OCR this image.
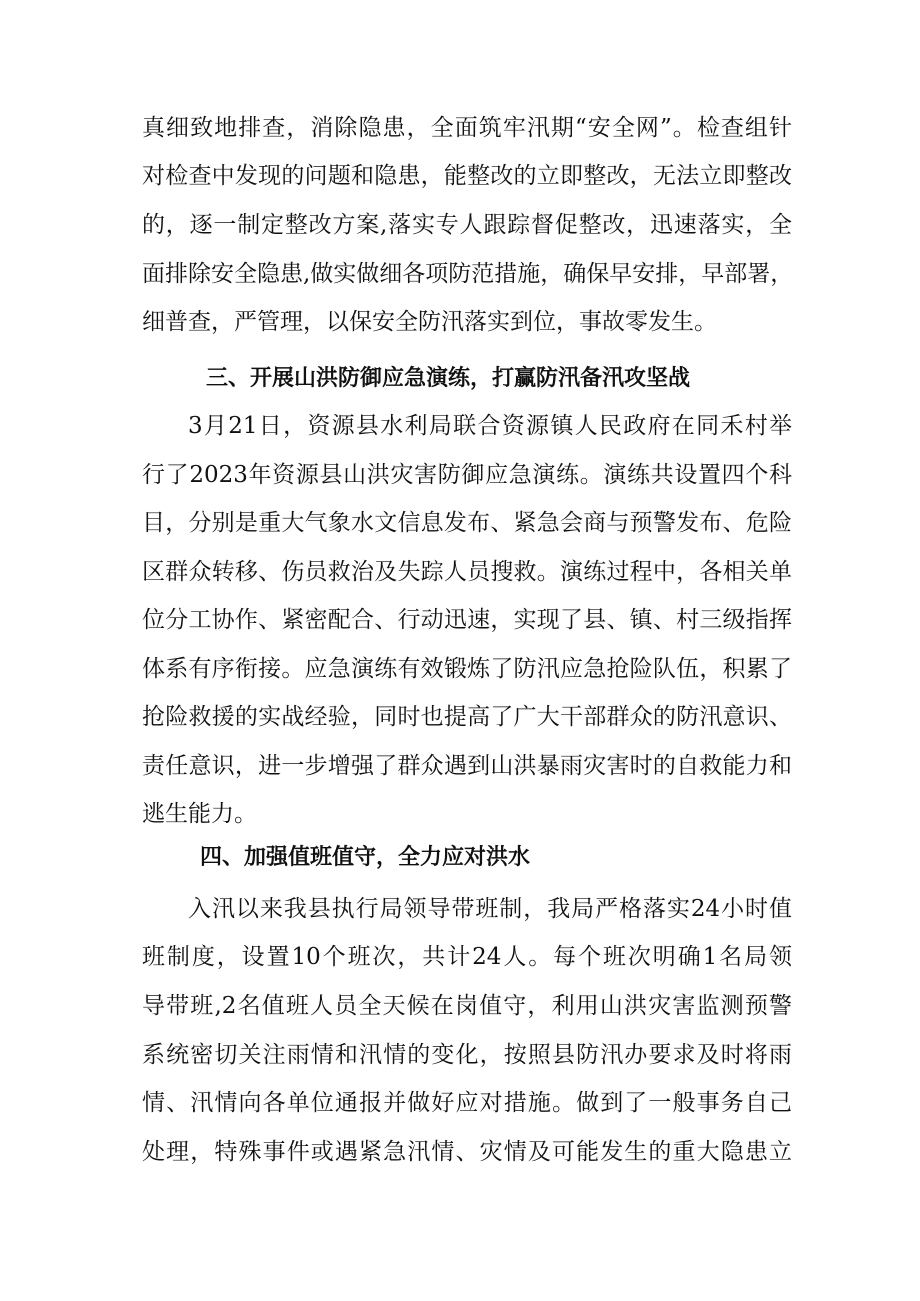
真细致地排查，消除隐患，全面筑牢汛期“安全网”。检查组针
对检查中发现的问题和隐患，能整改的立即整改，无法立即整改
的，逐一制定整改方案,落实专人跟踪督促整改，迅速落实，全
面排除安全隐患,做实做细各项防范措施，确保早安排，早部署，
细普查，严管理，以保安全防汛落实到位，事故零发生。
三、开展山洪防御应急演练，打赢防汛备汛攻坚战
3月21日，资源县水利局联合资源镇人民政府在同禾村举
行了2023年资源县山洪灾害防御应急演练。演练共设置四个科
目，分别是重大气象水文信息发布、紧急会商与预警发布、危险
区群众转移、伤员救治及失踪人员搜救。演练过程中，各相关单
位分工协作、紧密配合、行动迅速，实现了县、镇、村三级指挥
体系有序衔接。应急演练有效锻炼了防汛应急抢险队伍，积累了
抢险救援的实战经验，同时也提高了广大干部群众的防汛意识、
责任意识，进一步增强了群众遇到山洪暴雨灾害时的自救能力和
逃生能力。
四、加强值班值守，全力应对洪水
入汛以来我县执行局领导带班制，我局严格落实24小时值
班制度，设置10个班次，共计24人。每个班次明确1名局领
导带班,2名值班人员全天候在岗值守，利用山洪灾害监测预警
系统密切关注雨情和汛情的变化，按照县防汛办要求及时将雨
情、汛情向各单位通报并做好应对措施。做到了一般事务自己
处理，特殊事件或遇紧急汛情、灾情及可能发生的重大隐患立
